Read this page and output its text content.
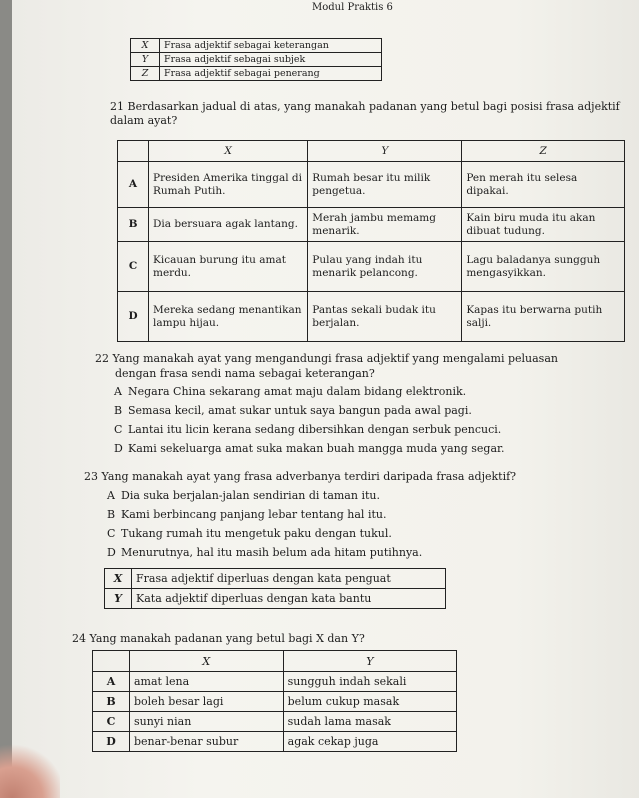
Modul Praktis 6
X	Frasa adjektif sebagai keterangan
Y	Frasa adjektif sebagai subjek
Z	Frasa adjektif sebagai penerang
21 Berdasarkan jadual di atas, yang manakah padanan yang betul bagi posisi frasa adjektif dalam ayat?
	X	Y	Z
A	Presiden Amerika tinggal di Rumah Putih.	Rumah besar itu milik pengetua.	Pen merah itu selesa dipakai.
B	Dia bersuara agak lantang.	Merah jambu memamg menarik.	Kain biru muda itu akan dibuat tudung.
C	Kicauan burung itu amat merdu.	Pulau yang indah itu menarik pelancong.	Lagu baladanya sungguh mengasyikkan.
D	Mereka sedang menantikan lampu hijau.	Pantas sekali budak itu berjalan.	Kapas itu berwarna putih salji.
22 Yang manakah ayat yang mengandungi frasa adjektif yang mengalami peluasan
dengan frasa sendi nama sebagai keterangan?
A Negara China sekarang amat maju dalam bidang elektronik.
B Semasa kecil, amat sukar untuk saya bangun pada awal pagi.
C Lantai itu licin kerana sedang dibersihkan dengan serbuk pencuci.
D Kami sekeluarga amat suka makan buah mangga muda yang segar.
23 Yang manakah ayat yang frasa adverbanya terdiri daripada frasa adjektif?
A Dia suka berjalan-jalan sendirian di taman itu.
B Kami berbincang panjang lebar tentang hal itu.
C Tukang rumah itu mengetuk paku dengan tukul.
D Menurutnya, hal itu masih belum ada hitam putihnya.
X	Frasa adjektif diperluas dengan kata penguat
Y	Kata adjektif diperluas dengan kata bantu
24 Yang manakah padanan yang betul bagi X dan Y?
	X	Y
A	amat lena	sungguh indah sekali
B	boleh besar lagi	belum cukup masak
C	sunyi nian	sudah lama masak
D	benar-benar subur	agak cekap juga
